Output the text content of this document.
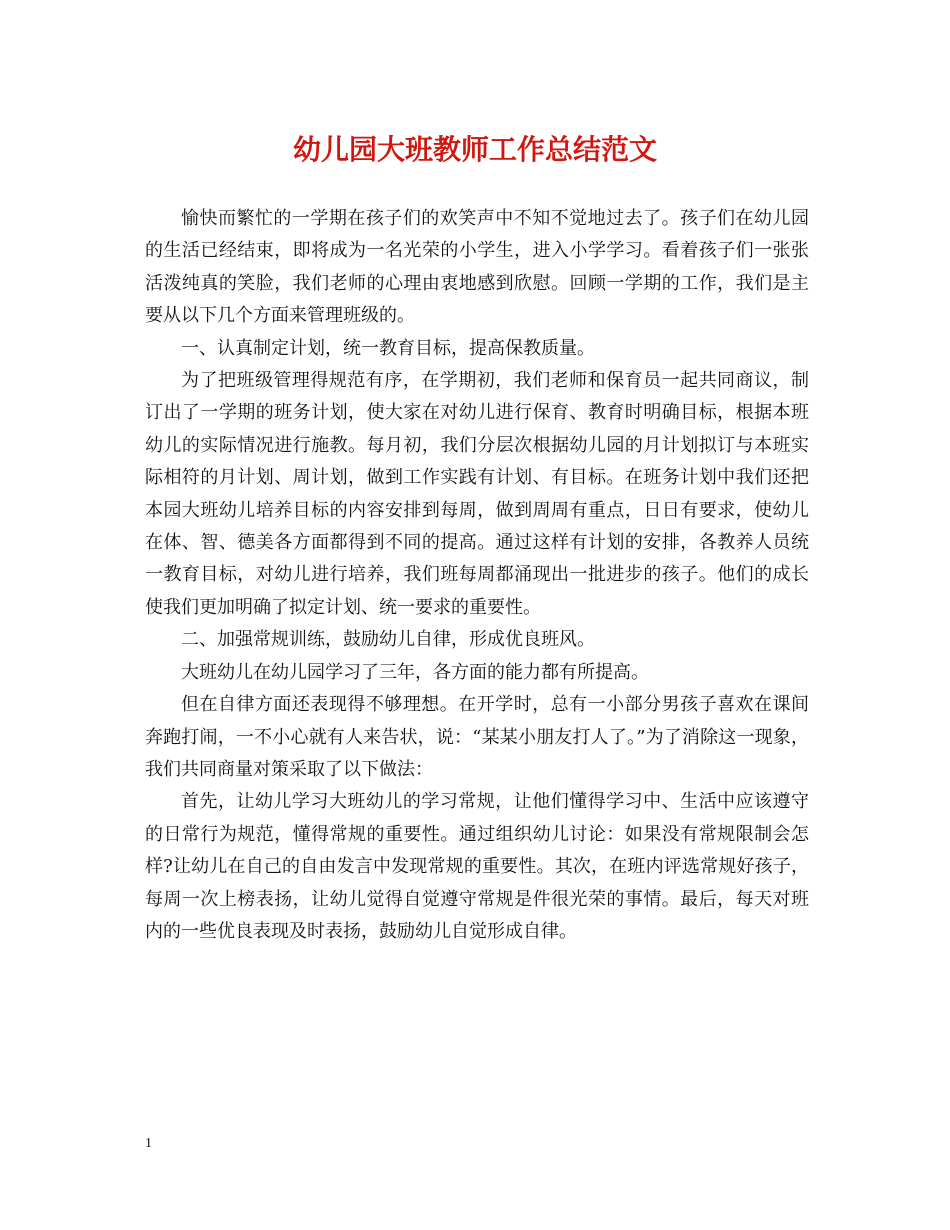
幼儿园大班教师工作总结范文

愉快而繁忙的一学期在孩子们的欢笑声中不知不觉地过去了。孩子们在幼儿园的生活已经结束，即将成为一名光荣的小学生，进入小学学习。看着孩子们一张张活泼纯真的笑脸，我们老师的心理由衷地感到欣慰。回顾一学期的工作，我们是主要从以下几个方面来管理班级的。

一、认真制定计划，统一教育目标，提高保教质量。

为了把班级管理得规范有序，在学期初，我们老师和保育员一起共同商议，制订出了一学期的班务计划，使大家在对幼儿进行保育、教育时明确目标，根据本班幼儿的实际情况进行施教。每月初，我们分层次根据幼儿园的月计划拟订与本班实际相符的月计划、周计划，做到工作实践有计划、有目标。在班务计划中我们还把本园大班幼儿培养目标的内容安排到每周，做到周周有重点，日日有要求，使幼儿在体、智、德美各方面都得到不同的提高。通过这样有计划的安排，各教养人员统一教育目标，对幼儿进行培养，我们班每周都涌现出一批进步的孩子。他们的成长使我们更加明确了拟定计划、统一要求的重要性。

二、加强常规训练，鼓励幼儿自律，形成优良班风。

大班幼儿在幼儿园学习了三年，各方面的能力都有所提高。

但在自律方面还表现得不够理想。在开学时，总有一小部分男孩子喜欢在课间奔跑打闹，一不小心就有人来告状，说：“某某小朋友打人了。”为了消除这一现象，我们共同商量对策采取了以下做法：

首先，让幼儿学习大班幼儿的学习常规，让他们懂得学习中、生活中应该遵守的日常行为规范，懂得常规的重要性。通过组织幼儿讨论：如果没有常规限制会怎样?让幼儿在自己的自由发言中发现常规的重要性。其次，在班内评选常规好孩子，每周一次上榜表扬，让幼儿觉得自觉遵守常规是件很光荣的事情。最后，每天对班内的一些优良表现及时表扬，鼓励幼儿自觉形成自律。

1
